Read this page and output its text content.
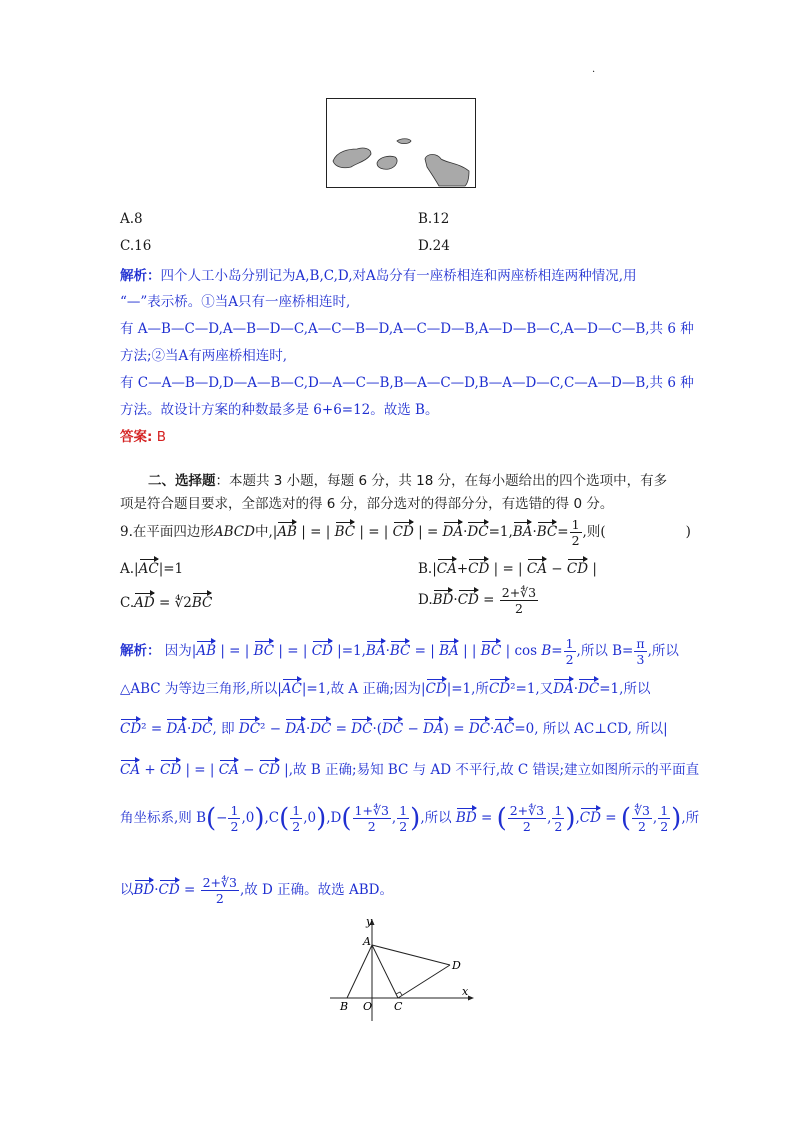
.
A.8	B.12
C.16	D.24
解析：四个人工小岛分别记为A,B,C,D,对A岛分有一座桥相连和两座桥相连两种情况,用
“—”表示桥。①当A只有一座桥相连时,
有 A—B—C—D,A—B—D—C,A—C—B—D,A—C—D—B,A—D—B—C,A—D—C—B,共 6 种
方法;②当A有两座桥相连时,
有 C—A—B—D,D—A—B—C,D—A—C—B,B—A—C—D,B—A—D—C,C—A—D—B,共 6 种
方法。故设计方案的种数最多是 6+6=12。故选 B。
答案: B
二、选择题：本题共 3 小题，每题 6 分，共 18 分，在每小题给出的四个选项中，有多
项是符合题目要求，全部选对的得 6 分，部分选对的得部分分，有选错的得 0 分。
9.在平面四边形ABCD中,|AB | = | BC | = | CD | = $DA\cdot DC=1,BA\cdot BC= \frac{1}{2}$ ,则(	)
A.|AC|=1	B.|CA+CD | = | CA − CD |
C.AD = ∜2BC	$D.BD\cdot CD = \frac{2+∜3}{2}$
解析： 因为|AB | = | BC | = | CD |=1,BA·BC = | BA | | BC | $\cos B= \frac{1}{2}$ ,所以 $B= \frac{\pi}{3}$ ,所以
△ABC 为等边三角形,所以|AC|=1,故 A 正确;因为|CD|=1,所CD²=1,又DA·DC=1,所以
CD² = DA·DC, 即 DC² − DA·DC = DC·(DC − DA) = DC·AC=0, 所以 AC⊥CD, 所以|
CA + CD | = | CA − CD |,故 B 正确;易知 BC 与 AD 不平行,故 C 错误;建立如图所示的平面直
角坐标系,则 $B(- \frac{1}{2} ,0),C( \frac{1}{2} ,0),D( \frac{1+∜3}{2}$ , $\frac{1}{2}$ ),所以 BD = ( $\frac{2+∜3}{2}$ , $\frac{1}{2} ),CD$ = ( $\frac{∜3}{2}$ , $\frac{1}{2}$ ),所
以$BD\cdot CD = \frac{2+∜3}{2}$ ,故 D 正确。故选 ABD。
y
x
A
B O C
D
